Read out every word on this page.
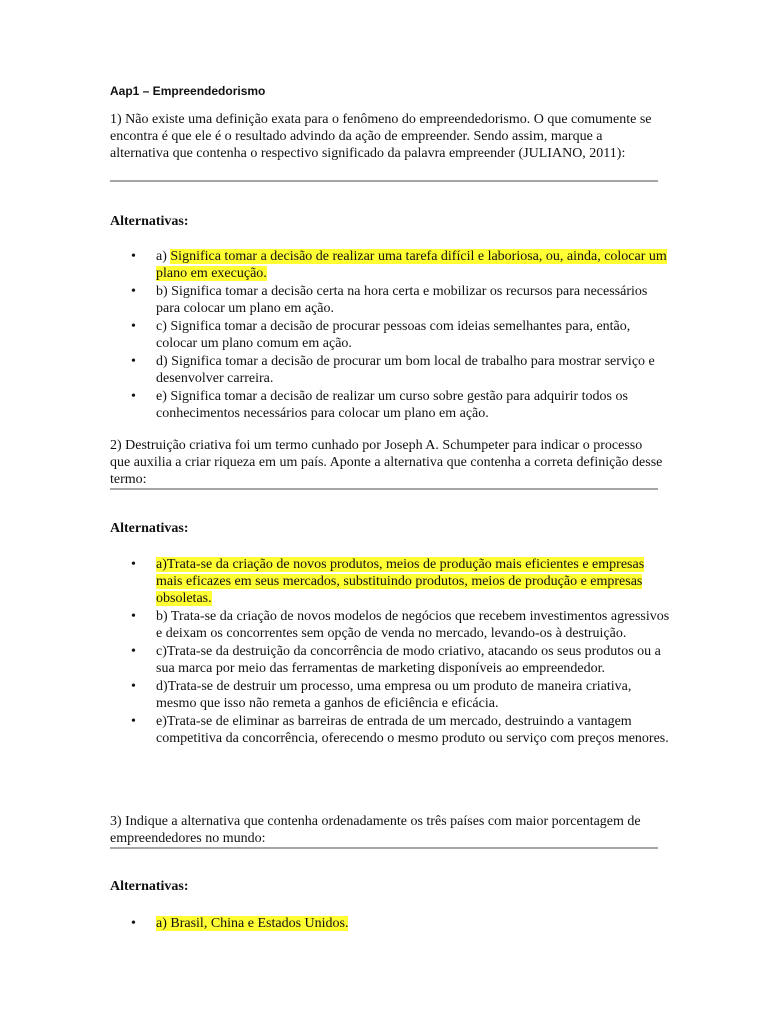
Aap1 – Empreendedorismo
1) Não existe uma definição exata para o fenômeno do empreendedorismo. O que comumente se encontra é que ele é o resultado advindo da ação de empreender. Sendo assim, marque a alternativa que contenha o respectivo significado da palavra empreender (JULIANO, 2011):
Alternativas:
• a) Significa tomar a decisão de realizar uma tarefa difícil e laboriosa, ou, ainda, colocar um plano em execução.
• b) Significa tomar a decisão certa na hora certa e mobilizar os recursos para necessários para colocar um plano em ação.
• c) Significa tomar a decisão de procurar pessoas com ideias semelhantes para, então, colocar um plano comum em ação.
• d) Significa tomar a decisão de procurar um bom local de trabalho para mostrar serviço e desenvolver carreira.
• e) Significa tomar a decisão de realizar um curso sobre gestão para adquirir todos os conhecimentos necessários para colocar um plano em ação.
2) Destruição criativa foi um termo cunhado por Joseph A. Schumpeter para indicar o processo que auxilia a criar riqueza em um país. Aponte a alternativa que contenha a correta definição desse termo:
Alternativas:
• a)Trata-se da criação de novos produtos, meios de produção mais eficientes e empresas mais eficazes em seus mercados, substituindo produtos, meios de produção e empresas obsoletas.
• b) Trata-se da criação de novos modelos de negócios que recebem investimentos agressivos e deixam os concorrentes sem opção de venda no mercado, levando-os à destruição.
• c)Trata-se da destruição da concorrência de modo criativo, atacando os seus produtos ou a sua marca por meio das ferramentas de marketing disponíveis ao empreendedor.
• d)Trata-se de destruir um processo, uma empresa ou um produto de maneira criativa, mesmo que isso não remeta a ganhos de eficiência e eficácia.
• e)Trata-se de eliminar as barreiras de entrada de um mercado, destruindo a vantagem competitiva da concorrência, oferecendo o mesmo produto ou serviço com preços menores.
3) Indique a alternativa que contenha ordenadamente os três países com maior porcentagem de empreendedores no mundo:
Alternativas:
• a) Brasil, China e Estados Unidos.
